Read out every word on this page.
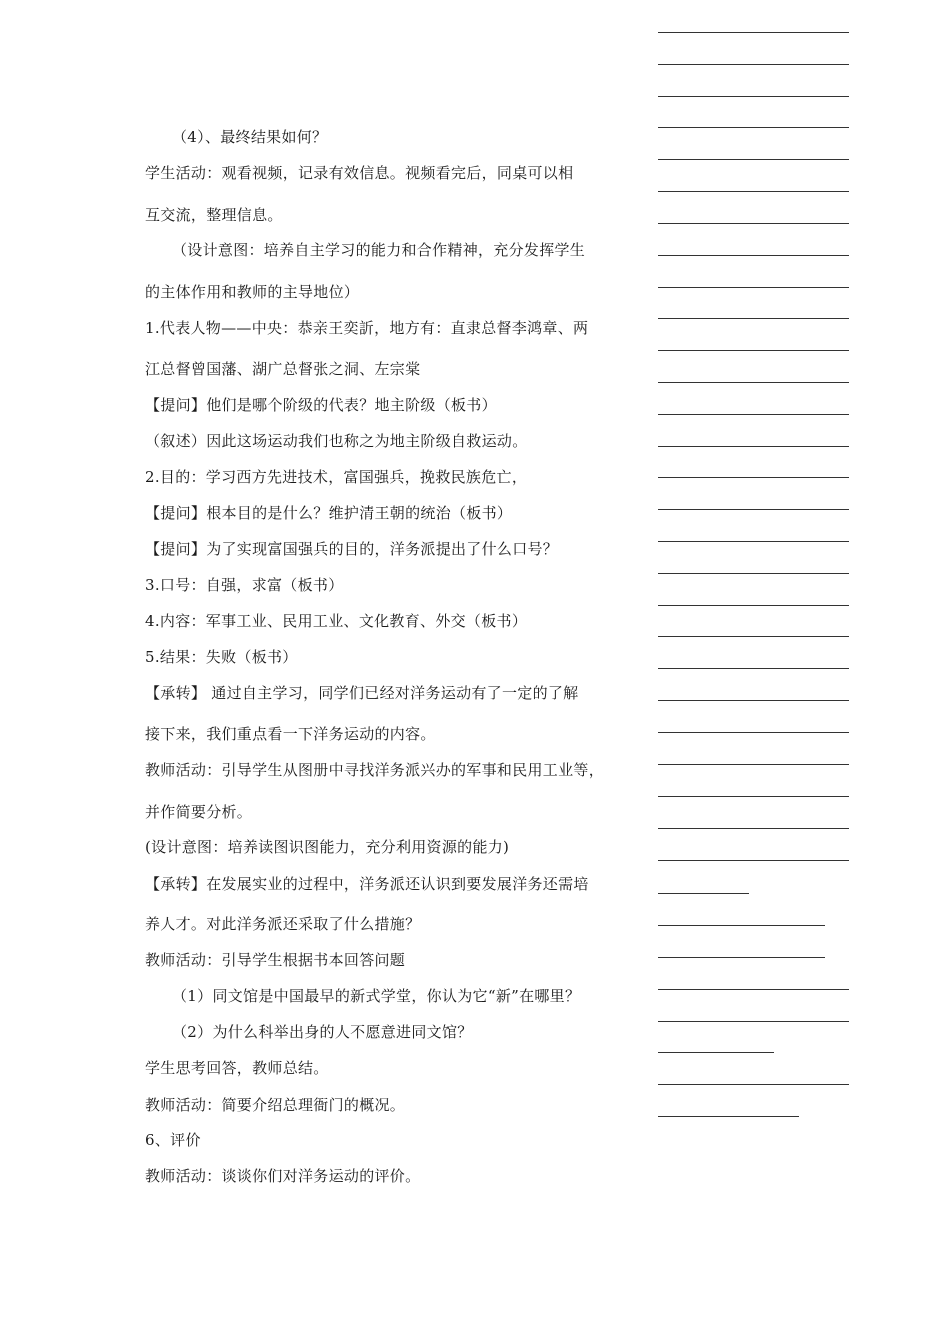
（4）、最终结果如何？
学生活动：观看视频，记录有效信息。视频看完后，同桌可以相
互交流，整理信息。
（设计意图：培养自主学习的能力和合作精神，充分发挥学生
的主体作用和教师的主导地位）
1.代表人物——中央：恭亲王奕訢，地方有：直隶总督李鸿章、两
江总督曾国藩、湖广总督张之洞、左宗棠
【提问】他们是哪个阶级的代表？地主阶级（板书）
（叙述）因此这场运动我们也称之为地主阶级自救运动。
2.目的：学习西方先进技术，富国强兵，挽救民族危亡，
【提问】根本目的是什么？维护清王朝的统治（板书）
【提问】为了实现富国强兵的目的，洋务派提出了什么口号？
3.口号：自强，求富（板书）
4.内容：军事工业、民用工业、文化教育、外交（板书）
5.结果：失败（板书）
【承转】 通过自主学习，同学们已经对洋务运动有了一定的了解
接下来，我们重点看一下洋务运动的内容。
教师活动：引导学生从图册中寻找洋务派兴办的军事和民用工业等，
并作简要分析。
(设计意图：培养读图识图能力，充分利用资源的能力)
【承转】在发展实业的过程中，洋务派还认识到要发展洋务还需培
养人才。对此洋务派还采取了什么措施？
教师活动：引导学生根据书本回答问题
（1）同文馆是中国最早的新式学堂，你认为它“新”在哪里？
（2）为什么科举出身的人不愿意进同文馆？
学生思考回答，教师总结。
教师活动：简要介绍总理衙门的概况。
6、评价
教师活动：谈谈你们对洋务运动的评价。
